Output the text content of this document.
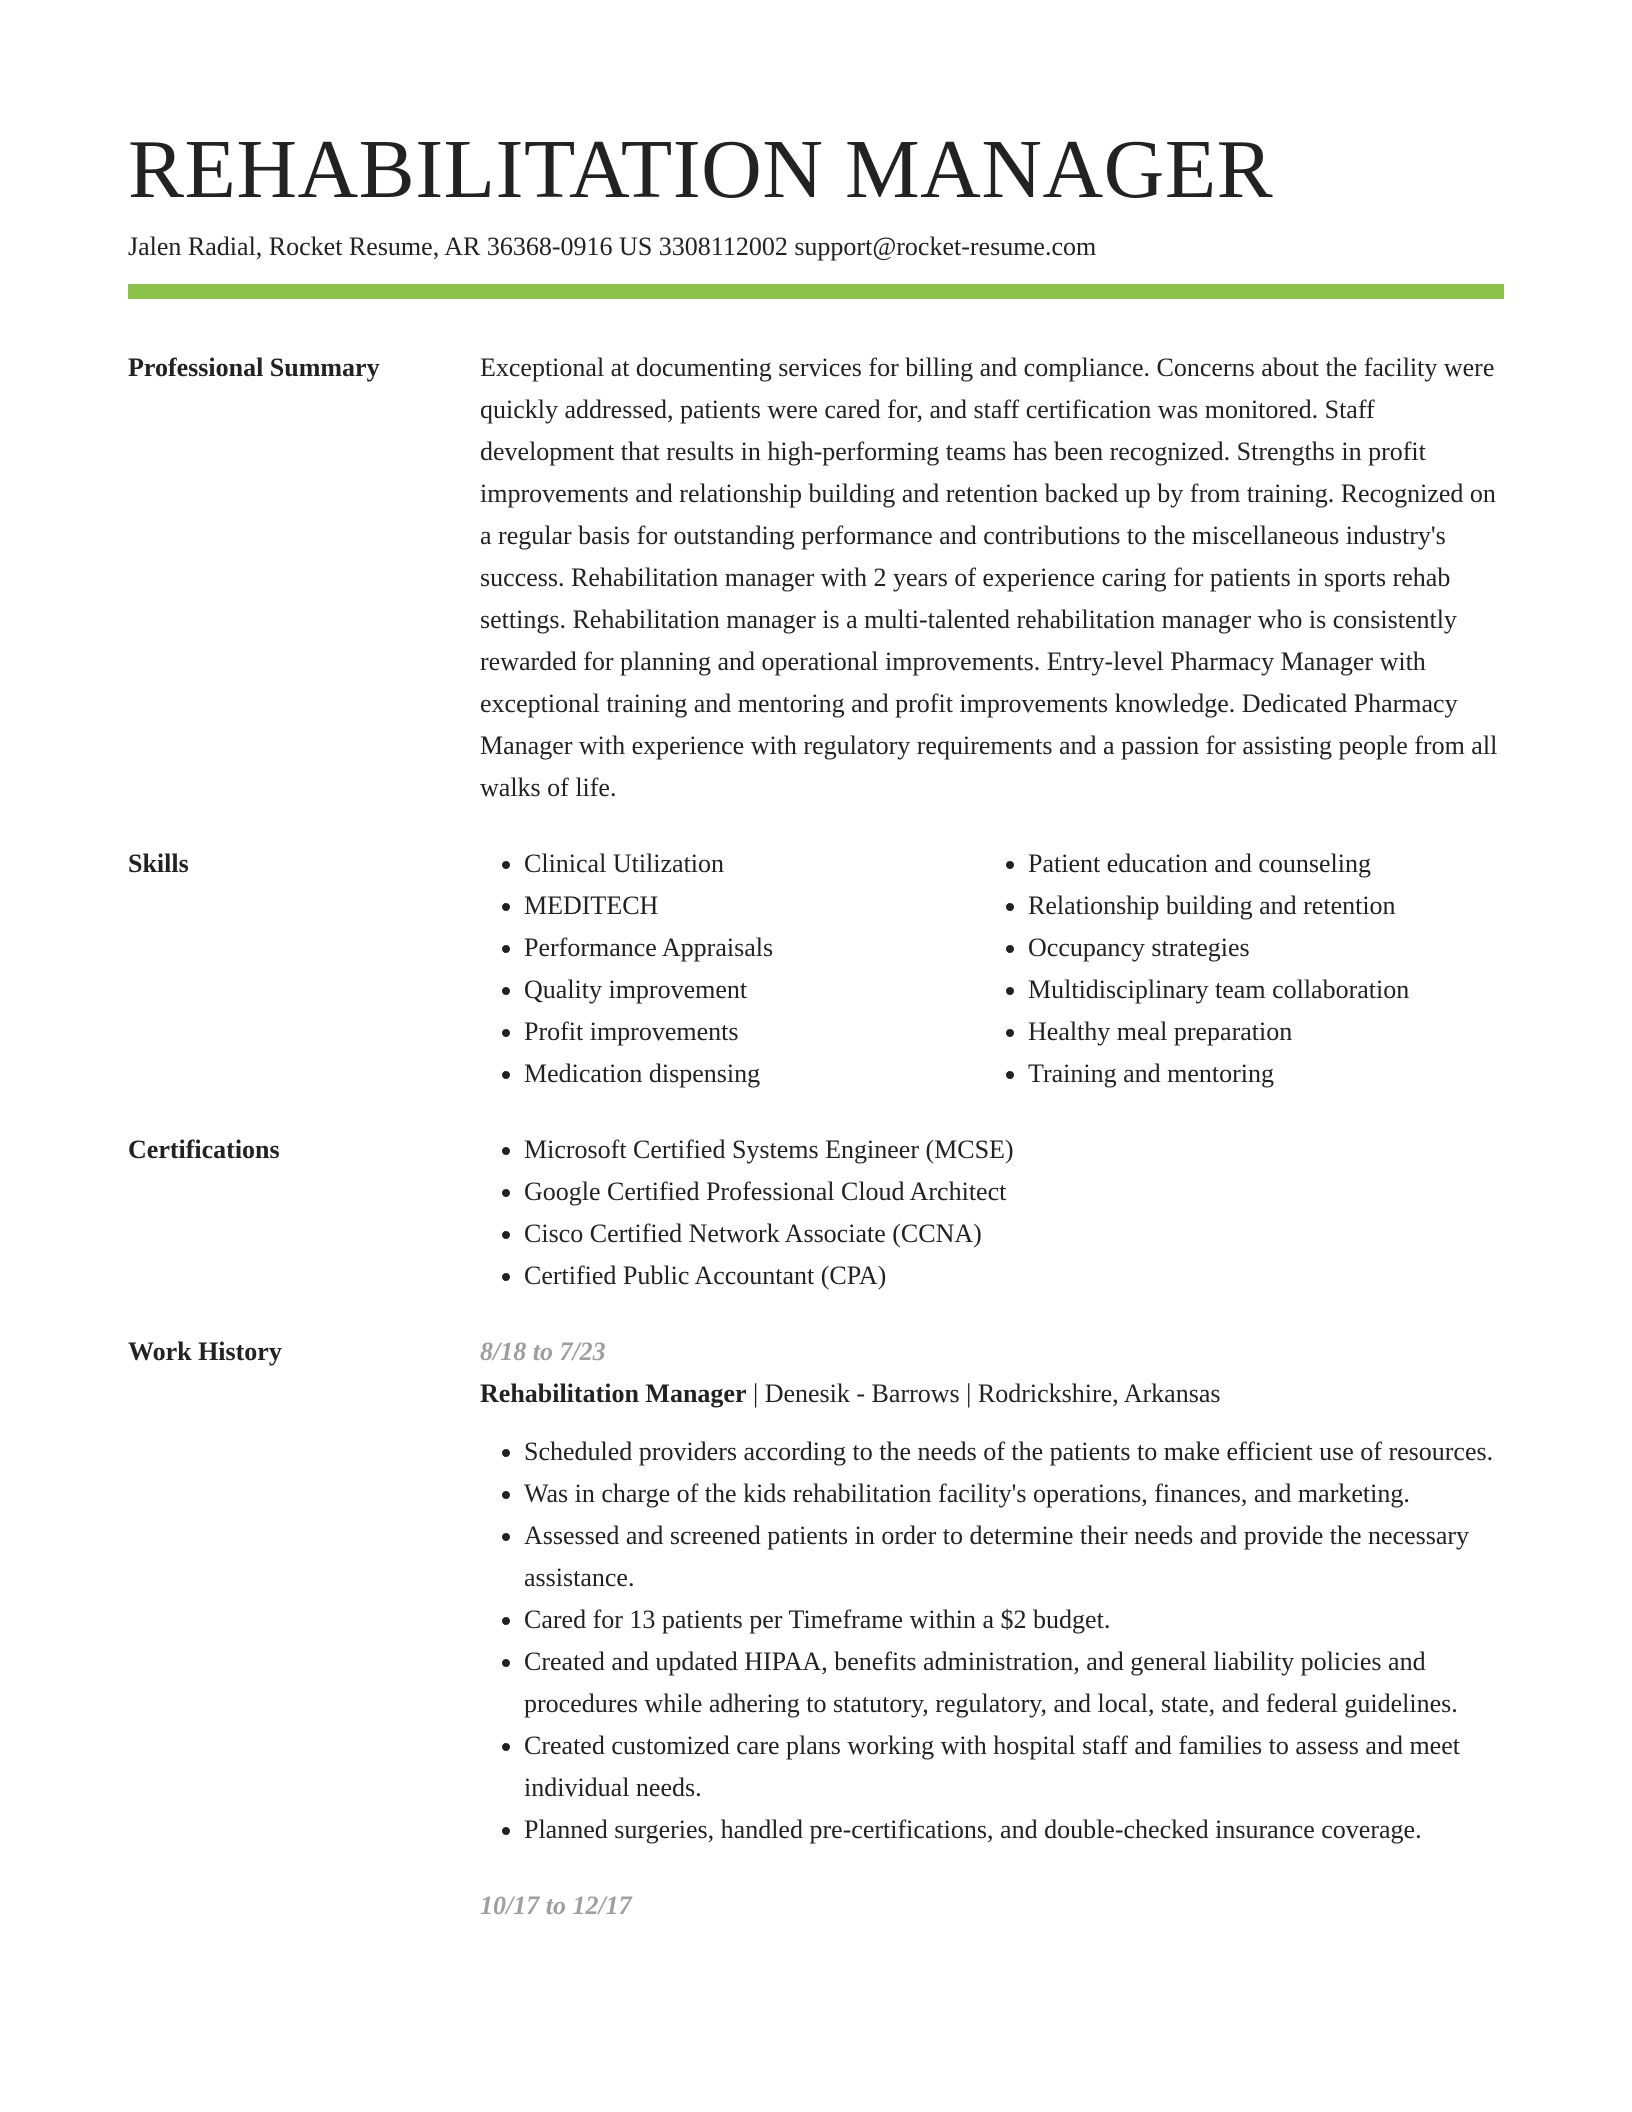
REHABILITATION MANAGER
Jalen Radial, Rocket Resume, AR 36368-0916 US 3308112002 support@rocket-resume.com
Professional Summary	Exceptional at documenting services for billing and compliance. Concerns about the facility were quickly addressed, patients were cared for, and staff certification was monitored. Staff development that results in high-performing teams has been recognized. Strengths in profit improvements and relationship building and retention backed up by from training. Recognized on a regular basis for outstanding performance and contributions to the miscellaneous industry's success. Rehabilitation manager with 2 years of experience caring for patients in sports rehab settings. Rehabilitation manager is a multi-talented rehabilitation manager who is consistently rewarded for planning and operational improvements. Entry-level Pharmacy Manager with exceptional training and mentoring and profit improvements knowledge. Dedicated Pharmacy Manager with experience with regulatory requirements and a passion for assisting people from all walks of life.

Skills	• Clinical Utilization
• MEDITECH
• Performance Appraisals
• Quality improvement
• Profit improvements
• Medication dispensing
• Patient education and counseling
• Relationship building and retention
• Occupancy strategies
• Multidisciplinary team collaboration
• Healthy meal preparation
• Training and mentoring
Certifications	• Microsoft Certified Systems Engineer (MCSE)
• Google Certified Professional Cloud Architect
• Cisco Certified Network Associate (CCNA)
• Certified Public Accountant (CPA)
Work History	8/18 to 7/23
Rehabilitation Manager | Denesik - Barrows | Rodrickshire, Arkansas
• Scheduled providers according to the needs of the patients to make efficient use of resources.
• Was in charge of the kids rehabilitation facility's operations, finances, and marketing.
• Assessed and screened patients in order to determine their needs and provide the necessary assistance.
• Cared for 13 patients per Timeframe within a $2 budget.
• Created and updated HIPAA, benefits administration, and general liability policies and procedures while adhering to statutory, regulatory, and local, state, and federal guidelines.
• Created customized care plans working with hospital staff and families to assess and meet individual needs.
• Planned surgeries, handled pre-certifications, and double-checked insurance coverage.
10/17 to 12/17
